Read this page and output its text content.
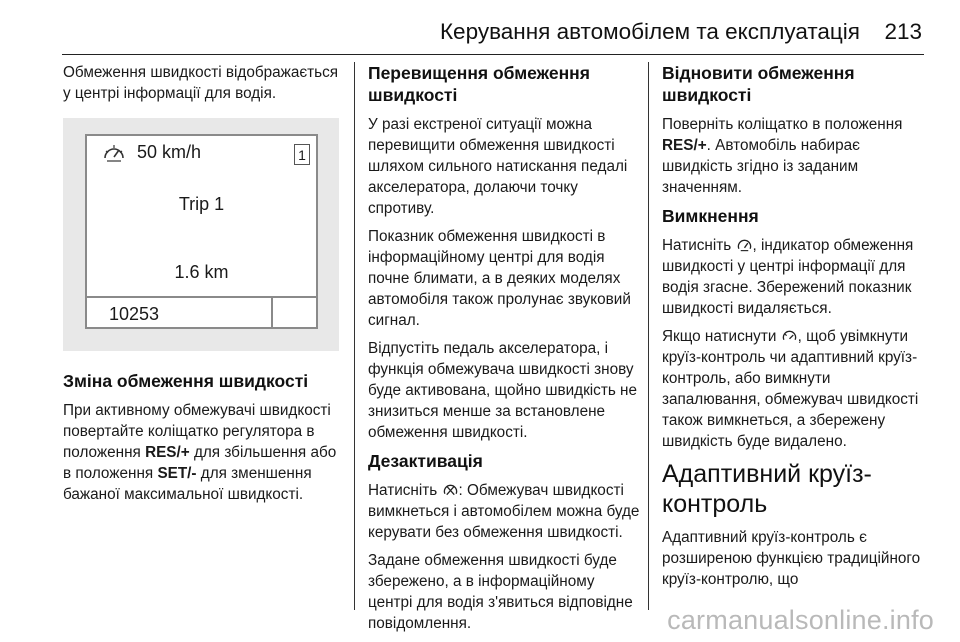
Керування автомобілем та експлуатація 213

Обмеження швидкості відображається у центрі інформації для водія.

50 km/h	1
Trip 1
1.6 km
10253
Зміна обмеження швидкості

При активному обмежувачі швидкості повертайте коліщатко регулятора в положення RES/+ для збільшення або в положення SET/- для зменшення бажаної максимальної швидкості.

Перевищення обмеження швидкості

У разі екстреної ситуації можна перевищити обмеження швидкості шляхом сильного натискання педалі акселератора, долаючи точку спротиву.

Показник обмеження швидкості в інформаційному центрі для водія почне блимати, а в деяких моделях автомобіля також пролунає звуковий сигнал.

Відпустіть педаль акселератора, і функція обмежувача швидкості знову буде активована, щойно швидкість не знизиться менше за встановлене обмеження швидкості.

Дезактивація

Натисніть : Обмежувач швидкості вимкнеться і автомобілем можна буде керувати без обмеження швидкості.

Задане обмеження швидкості буде збережено, а в інформаційному центрі для водія з'явиться відповідне повідомлення.

Відновити обмеження швидкості

Поверніть коліщатко в положення RES/+. Автомобіль набирає швидкість згідно із заданим значенням.

Вимкнення

Натисніть , індикатор обмеження швидкості у центрі інформації для водія згасне. Збережений показник швидкості видаляється.

Якщо натиснути , щоб увімкнути круїз-контроль чи адаптивний круїз-контроль, або вимкнути запалювання, обмежувач швидкості також вимкнеться, а збережену швидкість буде видалено.

Адаптивний круїз-контроль

Адаптивний круїз-контроль є розширеною функцією традиційного круїз-контролю, що

carmanualsonline.info
